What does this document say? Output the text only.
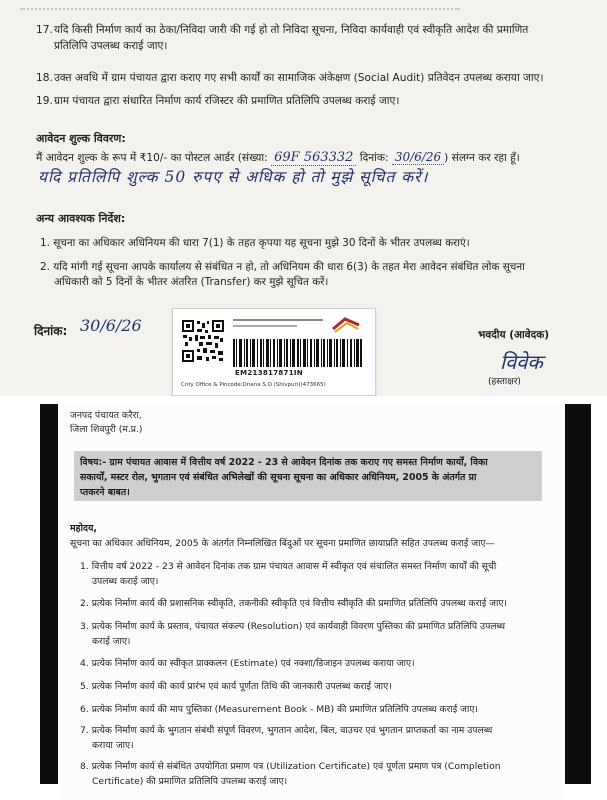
17.यदि किसी निर्माण कार्य का ठेका/निविदा जारी की गई हो तो निविदा सूचना, निविदा कार्यवाही एवं स्वीकृति आदेश की प्रमाणित
प्रतिलिपि उपलब्ध कराई जाए।
18.उक्त अवधि में ग्राम पंचायत द्वारा कराए गए सभी कार्यों का सामाजिक अंकेक्षण (Social Audit) प्रतिवेदन उपलब्ध कराया जाए।
19.ग्राम पंचायत द्वारा संधारित निर्माण कार्य रजिस्टर की प्रमाणित प्रतिलिपि उपलब्ध कराई जाए।
आवेदन शुल्क विवरण:
मैं आवेदन शुल्क के रूप में ₹10/- का पोस्टल आर्डर (संख्या: 69F 563332 दिनांक: 30/6/26 ) संलग्न कर रहा हूँ।
यदि प्रतिलिपि शुल्क 50 रुपए से अधिक हो तो मुझे सूचित करें।
अन्य आवश्यक निर्देश:
1. सूचना का अधिकार अधिनियम की धारा 7(1) के तहत कृपया यह सूचना मुझे 30 दिनों के भीतर उपलब्ध कराएं।
2. यदि मांगी गई सूचना आपके कार्यालय से संबंधित न हो, तो अधिनियम की धारा 6(3) के तहत मेरा आवेदन संबंधित लोक सूचना
अधिकारी को 5 दिनों के भीतर अंतरित (Transfer) कर मुझे सूचित करें।
दिनांक: 30/6/26	भवदीय (आवेदक)
विवेक
(हस्ताक्षर)
EM213817871IN
Cnty Office & Pincode:Dnana S.O (Shivpuri)(473665)
जनपद पंचायत करैरा,
जिला शिवपुरी (म.प्र.)
विषय:- ग्राम पंचायत आवास में वित्तीय वर्ष 2022 - 23 से आवेदन दिनांक तक कराए गए समस्त निर्माण कार्यों, विका
सकार्यों, मस्टर रोल, भुगतान एवं संबंधित अभिलेखों की सूचना सूचना का अधिकार अधिनियम, 2005 के अंतर्गत प्रा
प्तकरने बाबत।
महोदय,
सूचना का अधिकार अधिनियम, 2005 के अंतर्गत निम्नलिखित बिंदुओं पर सूचना प्रमाणित छायाप्रति सहित उपलब्ध कराई जाए—
1. वित्तीय वर्ष 2022 - 23 से आवेदन दिनांक तक ग्राम पंचायत आवास में स्वीकृत एवं संचालित समस्त निर्माण कार्यों की सूची
उपलब्ध कराई जाए।
2. प्रत्येक निर्माण कार्य की प्रशासनिक स्वीकृति, तकनीकी स्वीकृति एवं वित्तीय स्वीकृति की प्रमाणित प्रतिलिपि उपलब्ध कराई जाए।
3. प्रत्येक निर्माण कार्य के प्रस्ताव, पंचायत संकल्प (Resolution) एवं कार्यवाही विवरण पुस्तिका की प्रमाणित प्रतिलिपि उपलब्ध
कराई जाए।
4. प्रत्येक निर्माण कार्य का स्वीकृत प्राक्कलन (Estimate) एवं नक्शा/डिजाइन उपलब्ध कराया जाए।
5. प्रत्येक निर्माण कार्य की कार्य प्रारंभ एवं कार्य पूर्णता तिथि की जानकारी उपलब्ध कराई जाए।
6. प्रत्येक निर्माण कार्य की माप पुस्तिका (Measurement Book - MB) की प्रमाणित प्रतिलिपि उपलब्ध कराई जाए।
7. प्रत्येक निर्माण कार्य के भुगतान संबंधी संपूर्ण विवरण, भुगतान आदेश, बिल, वाउचर एवं भुगतान प्राप्तकर्ता का नाम उपलब्ध
कराया जाए।
8. प्रत्येक निर्माण कार्य से संबंधित उपयोगिता प्रमाण पत्र (Utilization Certificate) एवं पूर्णता प्रमाण पत्र (Completion
Certificate) की प्रमाणित प्रतिलिपि उपलब्ध कराई जाए।
